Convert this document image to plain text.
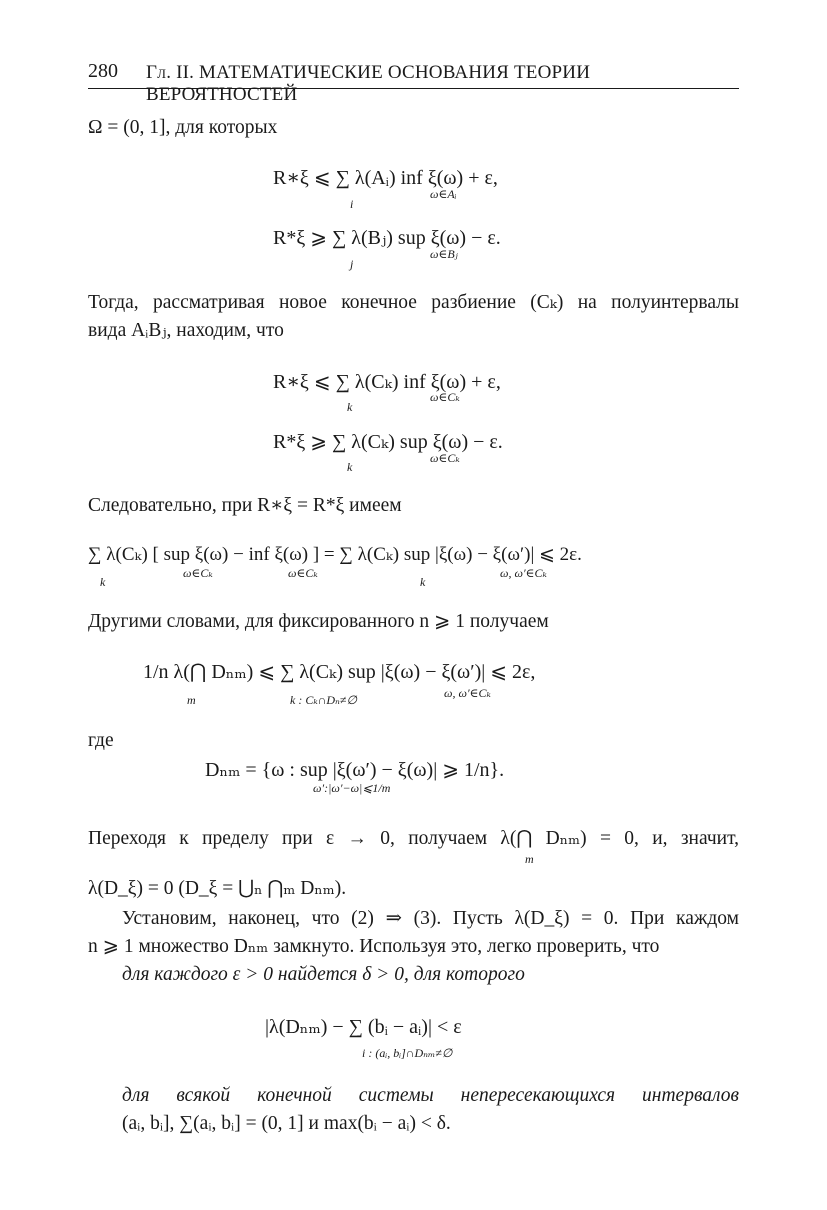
280 Гл. II. МАТЕМАТИЧЕСКИЕ ОСНОВАНИЯ ТЕОРИИ ВЕРОЯТНОСТЕЙ
Ω = (0, 1], для которых
R∗ξ ⩽ ∑ λ(Aᵢ) inf ξ(ω) + ε,
i
ω∈Aᵢ
R*ξ ⩾ ∑ λ(Bⱼ) sup ξ(ω) − ε.
j
ω∈Bⱼ
Тогда, рассматривая новое конечное разбиение (Cₖ) на полуинтервалы
вида AᵢBⱼ, находим, что
R∗ξ ⩽ ∑ λ(Cₖ) inf ξ(ω) + ε,
k
ω∈Cₖ
R*ξ ⩾ ∑ λ(Cₖ) sup ξ(ω) − ε.
k
ω∈Cₖ
Следовательно, при R∗ξ = R*ξ имеем
∑ λ(Cₖ) [ sup ξ(ω) − inf ξ(ω) ] = ∑ λ(Cₖ) sup |ξ(ω) − ξ(ω′)| ⩽ 2ε.
k
ω∈Cₖ	ω∈Cₖ
k
ω, ω′∈Cₖ
Другими словами, для фиксированного n ⩾ 1 получаем
1/n λ(⋂ Dₙₘ) ⩽ ∑ λ(Cₖ) sup |ξ(ω) − ξ(ω′)| ⩽ 2ε,
m	k : Cₖ∩Dₙ≠∅	ω, ω′∈Cₖ
где
Dₙₘ = {ω : sup |ξ(ω′) − ξ(ω)| ⩾ 1/n}.
ω′:|ω′−ω|⩽1/m
Переходя к пределу при ε → 0, получаем λ(⋂ Dₙₘ) = 0, и, значит,
m
λ(D_ξ) = 0 (D_ξ = ⋃ₙ ⋂ₘ Dₙₘ).
Установим, наконец, что (2) ⇒ (3). Пусть λ(D_ξ) = 0. При каждом
n ⩾ 1 множество Dₙₘ замкнуто. Используя это, легко проверить, что
для каждого ε > 0 найдется δ > 0, для которого
|λ(Dₙₘ) − ∑ (bᵢ − aᵢ)| < ε
i : (aᵢ, bᵢ]∩Dₙₘ≠∅
для всякой конечной системы непересекающихся интервалов
(aᵢ, bᵢ], ∑(aᵢ, bᵢ] = (0, 1] и max(bᵢ − aᵢ) < δ.
